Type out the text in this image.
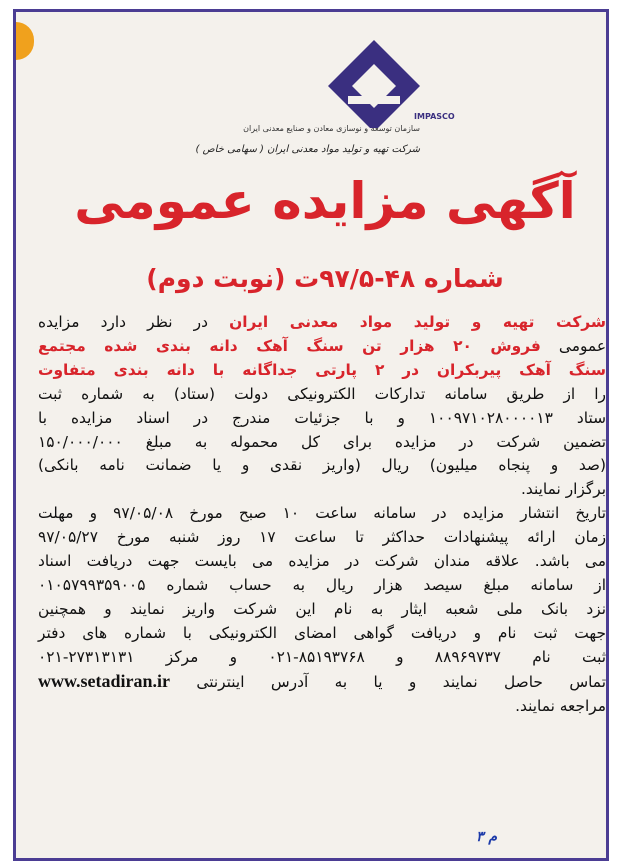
IMPASCO
سازمان توسعه و نوسازی معادن و صنایع معدنی ایران
شرکت تهیه و تولید مواد معدنی ایران ( سهامی خاص )
آگهی مزایده عمومی
شماره ۴۸-۹۷/۵ت (نوبت دوم)

شرکت تهیه و تولید مواد معدنی ایران در نظر دارد مزایده

عمومی فروش ۲۰ هزار تن سنگ آهک دانه بندی شده مجتمع

سنگ آهک پیربکران در ۲ پارتی جداگانه با دانه بندی متفاوت

را از طریق سامانه تدارکات الکترونیکی دولت (ستاد) به شماره ثبت

ستاد ۱۰۰۹۷۱۰۲۸۰۰۰۰۱۳ و با جزئیات مندرج در اسناد مزایده با

تضمین شرکت در مزایده برای کل محموله به مبلغ ۱۵۰/۰۰۰/۰۰۰

(صد و پنجاه میلیون) ریال (واریز نقدی و یا ضمانت نامه بانکی)

برگزار نمایند.

تاریخ انتشار مزایده در سامانه ساعت ۱۰ صبح مورخ ۹۷/۰۵/۰۸ و مهلت

زمان ارائه پیشنهادات حداکثر تا ساعت ۱۷ روز شنبه مورخ ۹۷/۰۵/۲۷

می باشد. علاقه مندان شرکت در مزایده می بایست جهت دریافت اسناد

از سامانه مبلغ سیصد هزار ریال به حساب شماره ۰۱۰۵۷۹۹۳۵۹۰۰۵

نزد بانک ملی شعبه ایثار به نام این شرکت واریز نمایند و همچنین

جهت ثبت نام و دریافت گواهی امضای الکترونیکی با شماره های دفتر

ثبت نام ۸۸۹۶۹۷۳۷ و ۸۵۱۹۳۷۶۸-۰۲۱ و مرکز ۲۷۳۱۳۱۳۱-۰۲۱

تماس حاصل نمایند و یا به آدرس اینترنتی www.setadiran.ir

مراجعه نمایند.

م ۳
